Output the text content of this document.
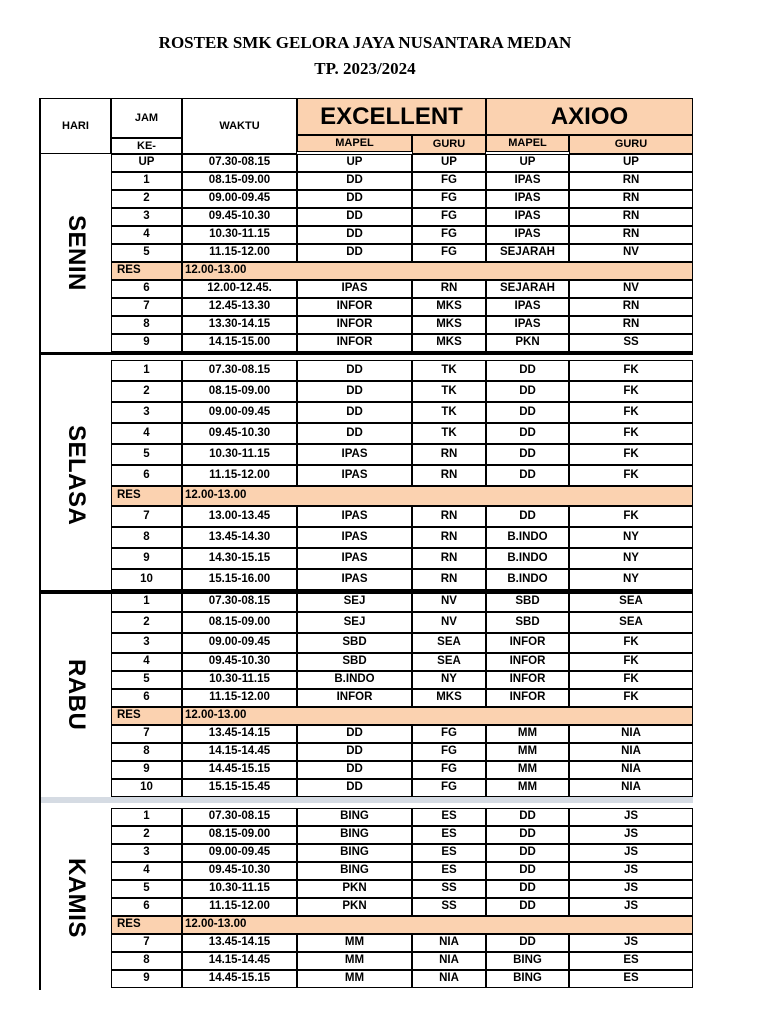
ROSTER SMK GELORA JAYA NUSANTARA MEDAN
TP. 2023/2024
HARI
JAM
KE-
WAKTU	EXCELLENT	AXIOO
MAPEL	GURU	MAPEL	GURU
UP	07.30-08.15	UP	UP	UP	UP
1	08.15-09.00	DD	FG	IPAS	RN
2	09.00-09.45	DD	FG	IPAS	RN
3	09.45-10.30	DD	FG	IPAS	RN
4	10.30-11.15	DD	FG	IPAS	RN
5	11.15-12.00	DD	FG	SEJARAH	NV
RES	12.00-13.00
6	12.00-12.45.	IPAS	RN	SEJARAH	NV
7	12.45-13.30	INFOR	MKS	IPAS	RN
8	13.30-14.15	INFOR	MKS	IPAS	RN
9	14.15-15.00	INFOR	MKS	PKN	SS
SENIN
1	07.30-08.15	DD	TK	DD	FK
2	08.15-09.00	DD	TK	DD	FK
3	09.00-09.45	DD	TK	DD	FK
4	09.45-10.30	DD	TK	DD	FK
5	10.30-11.15	IPAS	RN	DD	FK
6	11.15-12.00	IPAS	RN	DD	FK
RES	12.00-13.00
7	13.00-13.45	IPAS	RN	DD	FK
8	13.45-14.30	IPAS	RN	B.INDO	NY
9	14.30-15.15	IPAS	RN	B.INDO	NY
10	15.15-16.00	IPAS	RN	B.INDO	NY
SELASA
1	07.30-08.15	SEJ	NV	SBD	SEA
2	08.15-09.00	SEJ	NV	SBD	SEA
3	09.00-09.45	SBD	SEA	INFOR	FK
4	09.45-10.30	SBD	SEA	INFOR	FK
5	10.30-11.15	B.INDO	NY	INFOR	FK
6	11.15-12.00	INFOR	MKS	INFOR	FK
RES	12.00-13.00
7	13.45-14.15	DD	FG	MM	NIA
8	14.15-14.45	DD	FG	MM	NIA
9	14.45-15.15	DD	FG	MM	NIA
10	15.15-15.45	DD	FG	MM	NIA
RABU
1	07.30-08.15	BING	ES	DD	JS
2	08.15-09.00	BING	ES	DD	JS
3	09.00-09.45	BING	ES	DD	JS
4	09.45-10.30	BING	ES	DD	JS
5	10.30-11.15	PKN	SS	DD	JS
6	11.15-12.00	PKN	SS	DD	JS
RES	12.00-13.00
7	13.45-14.15	MM	NIA	DD	JS
8	14.15-14.45	MM	NIA	BING	ES
9	14.45-15.15	MM	NIA	BING	ES
KAMIS
